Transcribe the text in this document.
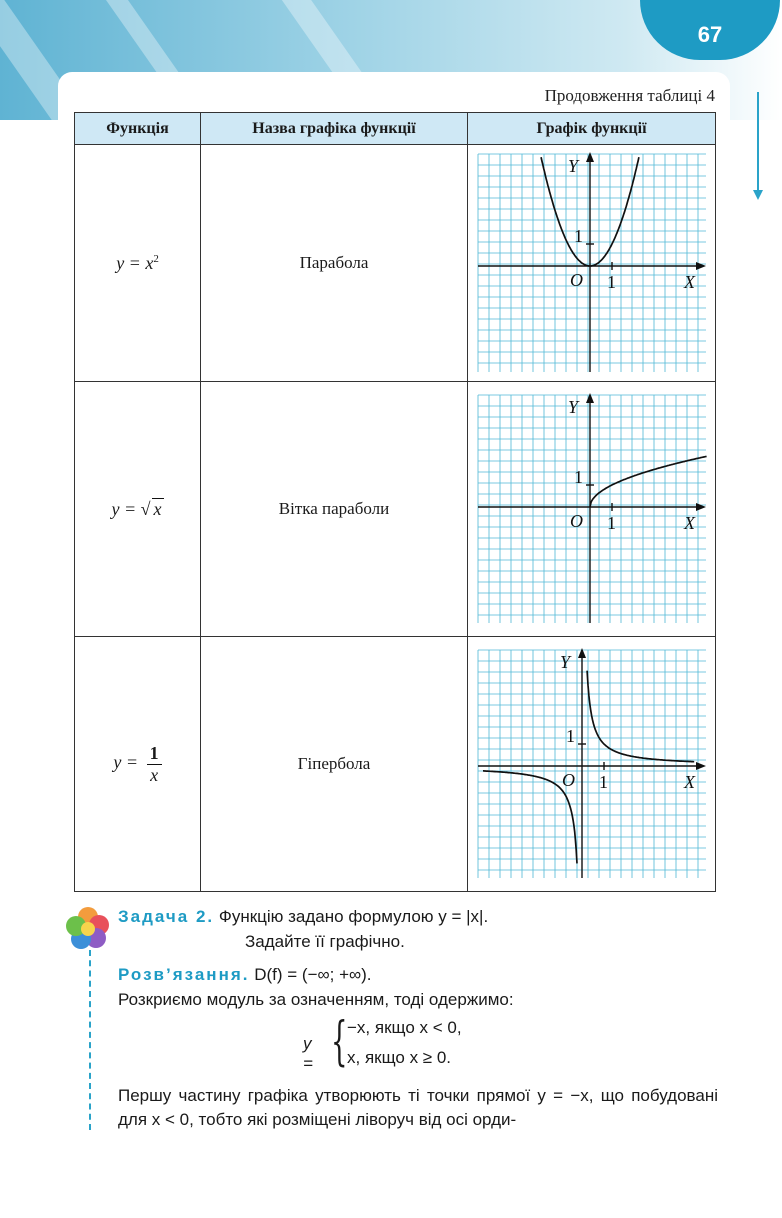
67
Продовження таблиці 4
Функція	Назва графіка функції	Графік функції
$y = x^2$	Парабола	Y
X
O 1
1

y = √ x	Вітка параболи	Y
X
O 1
1

$y = \frac{1}{x}$	Гіпербола	Y
X
O 1
1
Задача 2. Функцію задано формулою y = |x|.
Задайте її графічно.
Розв’язання. D(f) = (−∞; +∞).
Розкриємо модуль за означенням, тоді одержимо:
y = { −x, якщо x < 0,
x, якщо x ≥ 0.
Першу частину графіка утворюють ті точки прямої y = −x, що побудовані для x < 0, тобто які розміщені ліворуч від осі орди-
